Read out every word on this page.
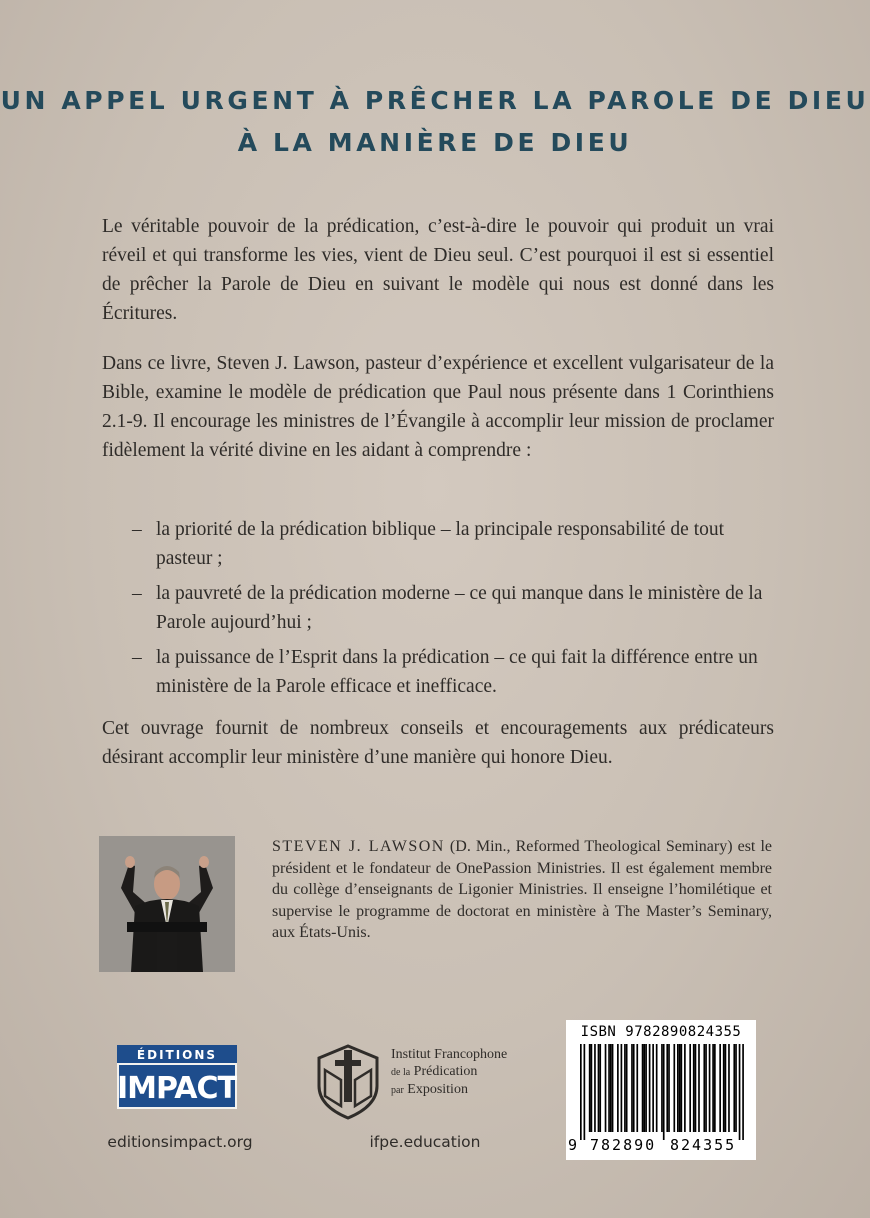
UN APPEL URGENT À PRÊCHER LA PAROLE DE DIEU
À LA MANIÈRE DE DIEU

Le véritable pouvoir de la prédication, c’est-à-dire le pouvoir qui produit un vrai réveil et qui transforme les vies, vient de Dieu seul. C’est pourquoi il est si essentiel de prêcher la Parole de Dieu en suivant le modèle qui nous est donné dans les Écritures.

Dans ce livre, Steven J. Lawson, pasteur d’expérience et excellent vulgarisateur de la Bible, examine le modèle de prédication que Paul nous présente dans 1 Corinthiens 2.1-9. Il encourage les ministres de l’Évangile à accomplir leur mission de proclamer fidèlement la vérité divine en les aidant à comprendre :

– la priorité de la prédication biblique – la principale responsabilité de tout pasteur ;
– la pauvreté de la prédication moderne – ce qui manque dans le ministère de la Parole aujourd’hui ;
– la puissance de l’Esprit dans la prédication – ce qui fait la différence entre un ministère de la Parole efficace et inefficace.

Cet ouvrage fournit de nombreux conseils et encouragements aux prédicateurs désirant accomplir leur ministère d’une manière qui honore Dieu.

STEVEN J. LAWSON (D. Min., Reformed Theological Seminary) est le président et le fondateur de OnePassion Ministries. Il est également membre du collège d’enseignants de Ligonier Ministries. Il enseigne l’homilétique et supervise le programme de doctorat en ministère à The Master’s Seminary, aux États-Unis.
ÉDITIONS
IMPACT
editionsimpact.org
Institut Francophone
de la Prédication
par Exposition
ifpe.education
ISBN 9782890824355
9 782890 824355
